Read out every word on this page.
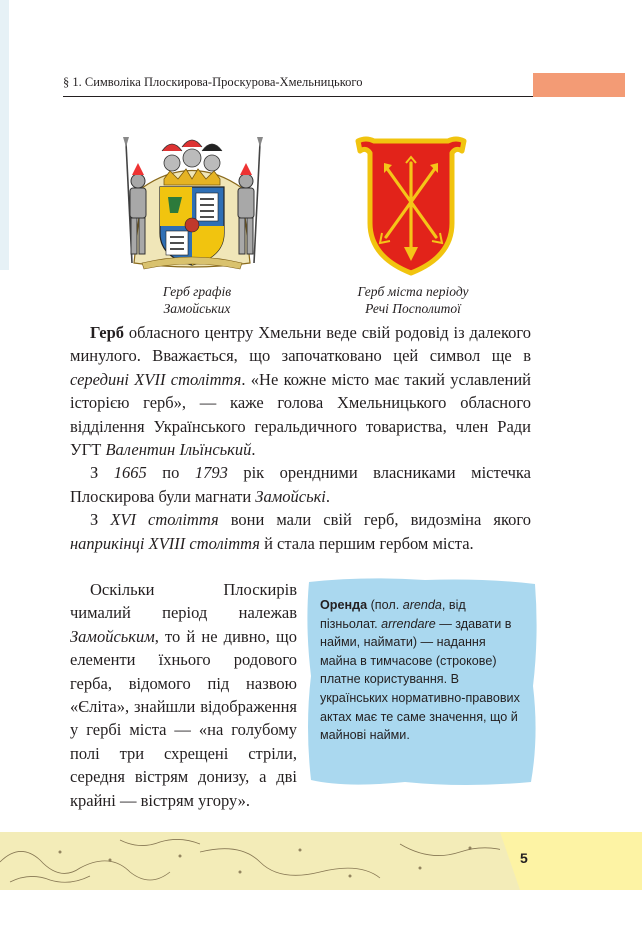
§ 1. Символіка Плоскирова-Проскурова-Хмельницького
Герб графів
Замойських
Герб міста періоду
Речі Посполитої

Герб обласного центру Хмельни веде свій родовід із далекого минулого. Вважається, що започатковано цей символ ще в середині XVII століття. «Не кожне місто має такий уславлений історією герб», — каже голова Хмельницького обласного відділення Українського геральдичного товариства, член Ради УГТ Валентин Ільїнський.

З 1665 по 1793 рік орендними власниками містечка Плоскирова були магнати Замойські.

З XVI століття вони мали свій герб, видозміна якого наприкінці XVIII століття й стала першим гербом міста.

Оскільки Плоскирів чималий період належав Замойським, то й не дивно, що елементи їхнього родового герба, відомого під назвою «Єліта», знайшли відображення у гербі міста — «на голубому полі три схрещені стріли, середня вістрям донизу, а дві крайні — вістрям угору».

Оренда (пол. arenda, від пізньолат. arrendare — здавати в найми, наймати) — надання майна в тимчасове (строкове) платне користування. В українських нормативно-правових актах має те саме значення, що й майнові найми.
5
